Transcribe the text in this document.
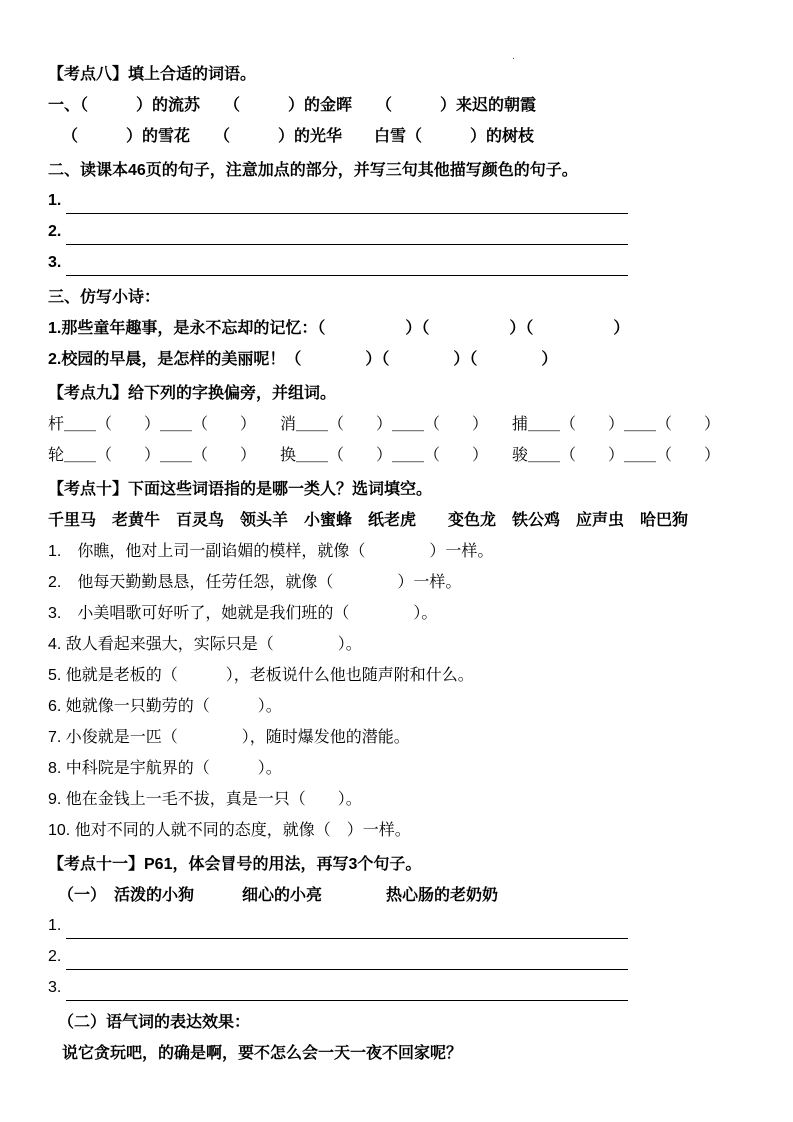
.
【考点八】填上合适的词语。
一、（　　　）的流苏　　（　　　）的金晖　　（　　　）来迟的朝霞
（　　　）的雪花　　（　　　）的光华　　白雪（　　　）的树枝
二、读课本46页的句子，注意加点的部分，并写三句其他描写颜色的句子。
1.
2.
3.
三、仿写小诗：
1.那些童年趣事，是永不忘却的记忆：（　　　　　）（　　　　　）（　　　　　）
2.校园的早晨，是怎样的美丽呢！（　　　　）（　　　　）（　　　　）
【考点九】给下列的字换偏旁，并组词。
杆＿＿（　　）＿＿（　　）　　消＿＿（　　）＿＿（　　）　　捕＿＿（　　）＿＿（　　）
轮＿＿（　　）＿＿（　　）　　换＿＿（　　）＿＿（　　）　　骏＿＿（　　）＿＿（　　）
【考点十】下面这些词语指的是哪一类人？选词填空。
千里马　老黄牛　百灵鸟　领头羊　小蜜蜂　纸老虎　　变色龙　铁公鸡　应声虫　哈巴狗
1.　你瞧，他对上司一副谄媚的模样，就像（　　　　）一样。
2.　他每天勤勤恳恳，任劳任怨，就像（　　　　）一样。
3.　小美唱歌可好听了，她就是我们班的（　　　　）。
4. 敌人看起来强大，实际只是（　　　　）。
5. 他就是老板的（　　　），老板说什么他也随声附和什么。
6. 她就像一只勤劳的（　　　）。
7. 小俊就是一匹（　　　　），随时爆发他的潜能。
8. 中科院是宇航界的（　　　）。
9. 他在金钱上一毛不拔，真是一只（　　）。
10. 他对不同的人就不同的态度，就像（　）一样。
【考点十一】P61，体会冒号的用法，再写3个句子。
（一）　活泼的小狗　　　细心的小亮　　　　热心肠的老奶奶
1.
2.
3.
（二）语气词的表达效果：
说它贪玩吧，的确是啊，要不怎么会一天一夜不回家呢？
